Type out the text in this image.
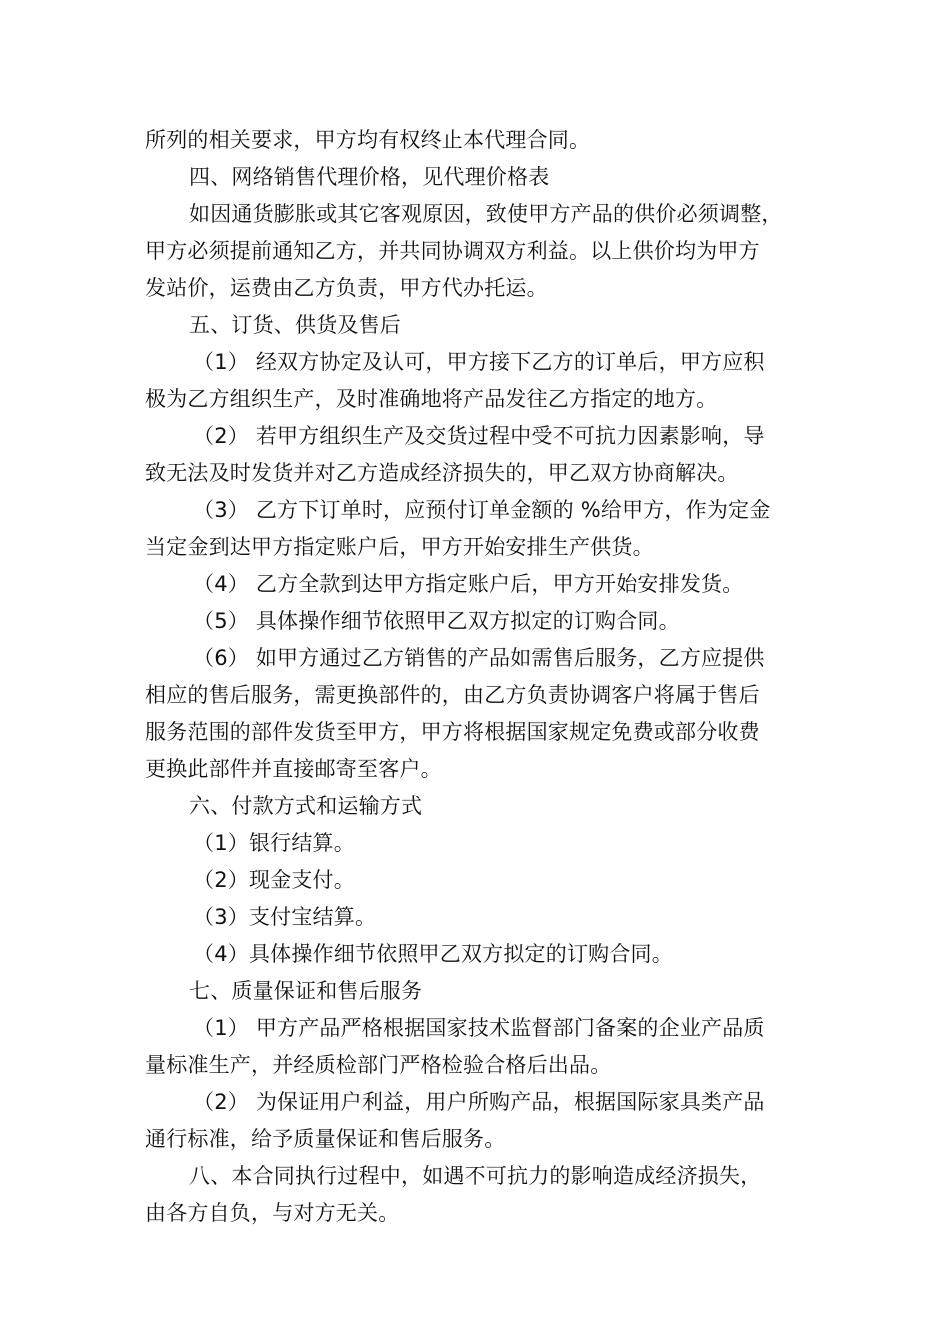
所列的相关要求，甲方均有权终止本代理合同。

四、网络销售代理价格，见代理价格表

如因通货膨胀或其它客观原因，致使甲方产品的供价必须调整，

甲方必须提前通知乙方，并共同协调双方利益。以上供价均为甲方

发站价，运费由乙方负责，甲方代办托运。

五、订货、供货及售后

（1） 经双方协定及认可，甲方接下乙方的订单后，甲方应积

极为乙方组织生产，及时准确地将产品发往乙方指定的地方。

（2） 若甲方组织生产及交货过程中受不可抗力因素影响，导

致无法及时发货并对乙方造成经济损失的，甲乙双方协商解决。

（3） 乙方下订单时，应预付订单金额的 %给甲方，作为定金

当定金到达甲方指定账户后，甲方开始安排生产供货。

（4） 乙方全款到达甲方指定账户后，甲方开始安排发货。

（5） 具体操作细节依照甲乙双方拟定的订购合同。

（6） 如甲方通过乙方销售的产品如需售后服务，乙方应提供

相应的售后服务，需更换部件的，由乙方负责协调客户将属于售后

服务范围的部件发货至甲方，甲方将根据国家规定免费或部分收费

更换此部件并直接邮寄至客户。

六、付款方式和运输方式

（1）银行结算。

（2）现金支付。

（3）支付宝结算。

（4）具体操作细节依照甲乙双方拟定的订购合同。

七、质量保证和售后服务

（1） 甲方产品严格根据国家技术监督部门备案的企业产品质

量标准生产，并经质检部门严格检验合格后出品。

（2） 为保证用户利益，用户所购产品，根据国际家具类产品

通行标准，给予质量保证和售后服务。

八、本合同执行过程中，如遇不可抗力的影响造成经济损失，

由各方自负，与对方无关。
